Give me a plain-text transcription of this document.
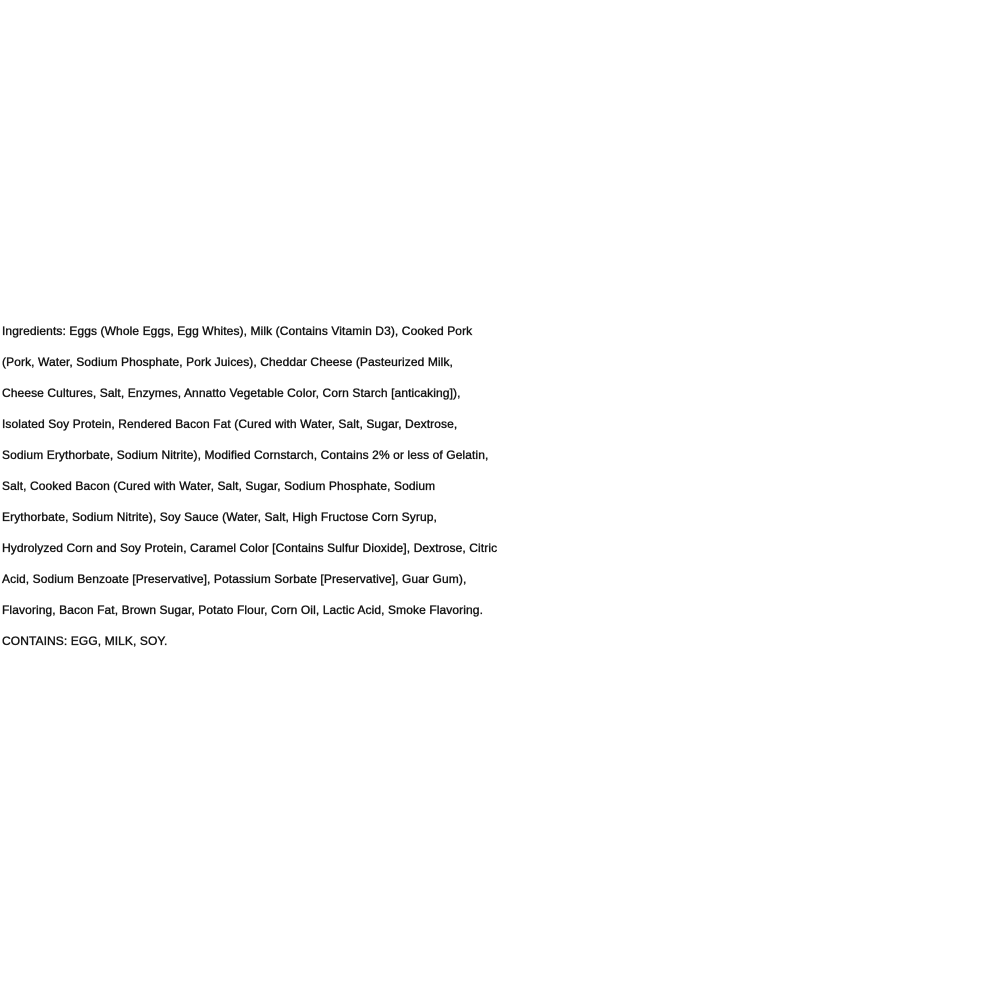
Ingredients: Eggs (Whole Eggs, Egg Whites), Milk (Contains Vitamin D3), Cooked Pork
(Pork, Water, Sodium Phosphate, Pork Juices), Cheddar Cheese (Pasteurized Milk,
Cheese Cultures, Salt, Enzymes, Annatto Vegetable Color, Corn Starch [anticaking]),
Isolated Soy Protein, Rendered Bacon Fat (Cured with Water, Salt, Sugar, Dextrose,
Sodium Erythorbate, Sodium Nitrite), Modified Cornstarch, Contains 2% or less of Gelatin,
Salt, Cooked Bacon (Cured with Water, Salt, Sugar, Sodium Phosphate, Sodium
Erythorbate, Sodium Nitrite), Soy Sauce (Water, Salt, High Fructose Corn Syrup,
Hydrolyzed Corn and Soy Protein, Caramel Color [Contains Sulfur Dioxide], Dextrose, Citric
Acid, Sodium Benzoate [Preservative], Potassium Sorbate [Preservative], Guar Gum),
Flavoring, Bacon Fat, Brown Sugar, Potato Flour, Corn Oil, Lactic Acid, Smoke Flavoring.
CONTAINS: EGG, MILK, SOY.
